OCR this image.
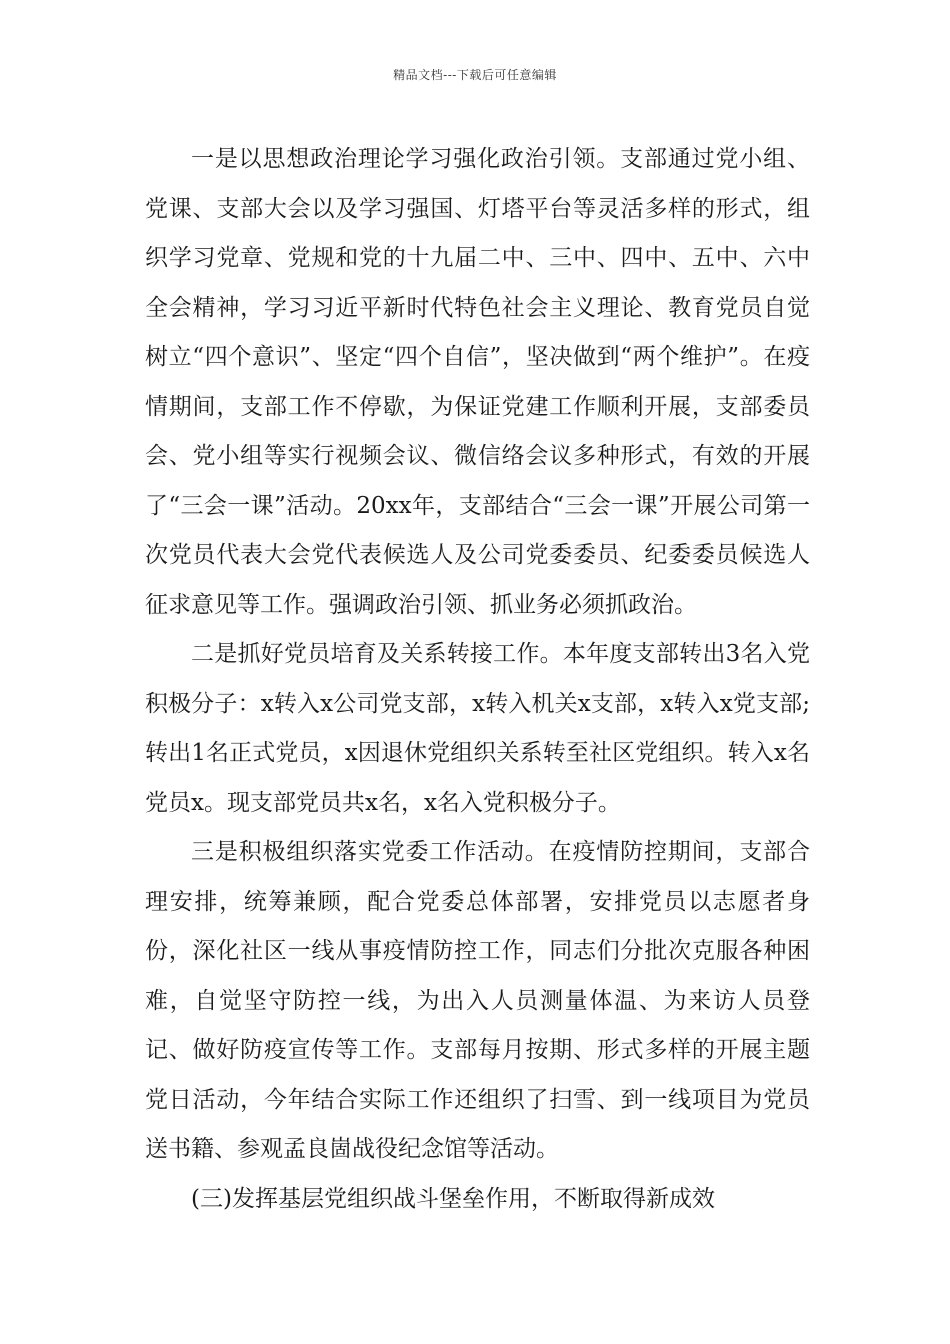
精品文档---下载后可任意编辑

一是以思想政治理论学习强化政治引领。支部通过党小组、党课、支部大会以及学习强国、灯塔平台等灵活多样的形式，组织学习党章、党规和党的十九届二中、三中、四中、五中、六中全会精神，学习习近平新时代特色社会主义理论、教育党员自觉树立“四个意识”、坚定“四个自信”，坚决做到“两个维护”。在疫情期间，支部工作不停歇，为保证党建工作顺利开展，支部委员会、党小组等实行视频会议、微信络会议多种形式，有效的开展了“三会一课”活动。20xx年，支部结合“三会一课”开展公司第一次党员代表大会党代表候选人及公司党委委员、纪委委员候选人征求意见等工作。强调政治引领、抓业务必须抓政治。

二是抓好党员培育及关系转接工作。本年度支部转出3名入党积极分子：x转入x公司党支部，x转入机关x支部，x转入x党支部;转出1名正式党员，x因退休党组织关系转至社区党组织。转入x名党员x。现支部党员共x名，x名入党积极分子。

三是积极组织落实党委工作活动。在疫情防控期间，支部合理安排，统筹兼顾，配合党委总体部署，安排党员以志愿者身份，深化社区一线从事疫情防控工作，同志们分批次克服各种困难，自觉坚守防控一线，为出入人员测量体温、为来访人员登记、做好防疫宣传等工作。支部每月按期、形式多样的开展主题党日活动，今年结合实际工作还组织了扫雪、到一线项目为党员送书籍、参观孟良崮战役纪念馆等活动。

(三)发挥基层党组织战斗堡垒作用，不断取得新成效
